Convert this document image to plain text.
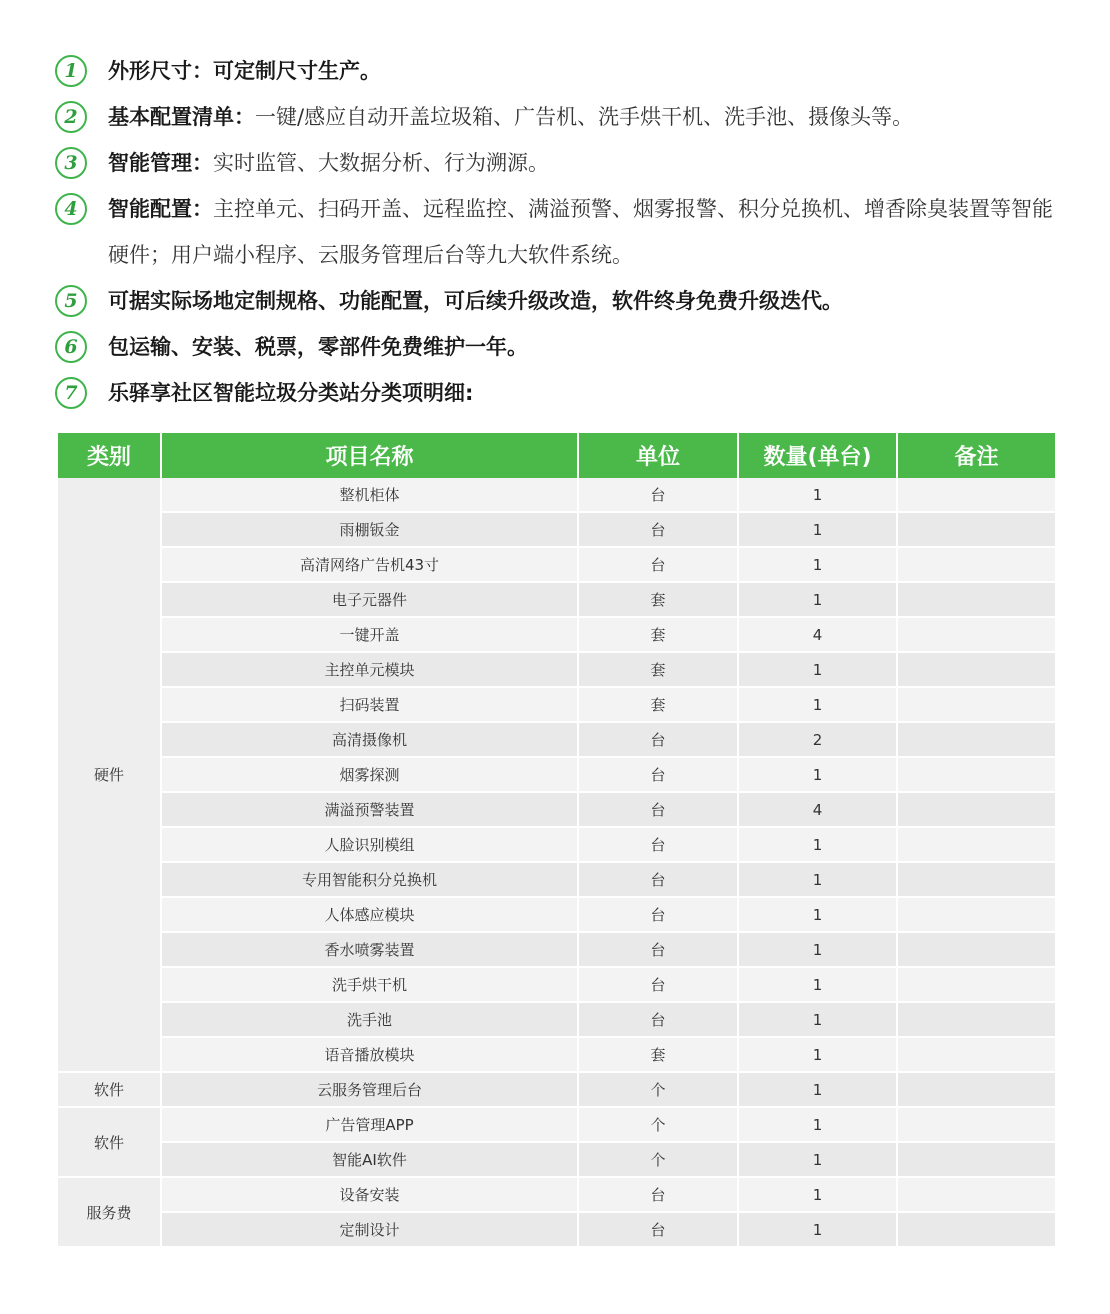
1	外形尺寸：可定制尺寸生产。
2	基本配置清单：一键/感应自动开盖垃圾箱、广告机、洗手烘干机、洗手池、摄像头等。
3	智能管理：实时监管、大数据分析、行为溯源。
4	智能配置：主控单元、扫码开盖、远程监控、满溢预警、烟雾报警、积分兑换机、增香除臭装置等智能硬件；用户端小程序、云服务管理后台等九大软件系统。
5	可据实际场地定制规格、功能配置，可后续升级改造，软件终身免费升级迭代。
6	包运输、安装、税票，零部件免费维护一年。
7	乐驿享社区智能垃圾分类站分类项明细:
类别	项目名称	单位	数量(单台)	备注
硬件	整机柜体	台	1	
	雨棚钣金	台	1	
	高清网络广告机43寸	台	1	
	电子元器件	套	1	
	一键开盖	套	4	
	主控单元模块	套	1	
	扫码装置	套	1	
	高清摄像机	台	2	
	烟雾探测	台	1	
	满溢预警装置	台	4	
	人脸识别模组	台	1	
	专用智能积分兑换机	台	1	
	人体感应模块	台	1	
	香水喷雾装置	台	1	
	洗手烘干机	台	1	
	洗手池	台	1	
	语音播放模块	套	1	
软件	云服务管理后台	个	1	
软件	广告管理APP	个	1	
	智能AI软件	个	1	
服务费	设备安装	台	1	
	定制设计	台	1	
